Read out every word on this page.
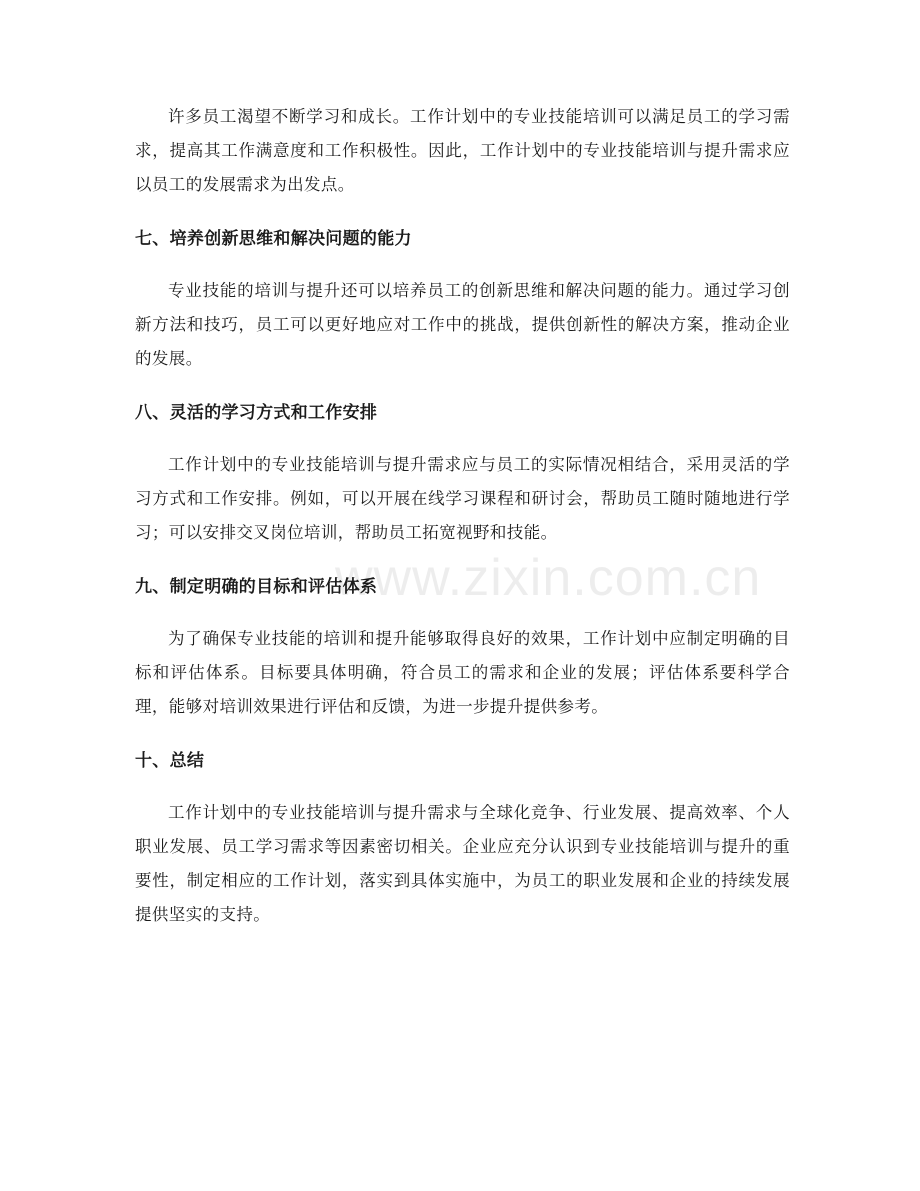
许多员工渴望不断学习和成长。工作计划中的专业技能培训可以满足员工的学习需求，提高其工作满意度和工作积极性。因此，工作计划中的专业技能培训与提升需求应以员工的发展需求为出发点。

七、培养创新思维和解决问题的能力

专业技能的培训与提升还可以培养员工的创新思维和解决问题的能力。通过学习创新方法和技巧，员工可以更好地应对工作中的挑战，提供创新性的解决方案，推动企业的发展。

八、灵活的学习方式和工作安排

工作计划中的专业技能培训与提升需求应与员工的实际情况相结合，采用灵活的学习方式和工作安排。例如，可以开展在线学习课程和研讨会，帮助员工随时随地进行学习；可以安排交叉岗位培训，帮助员工拓宽视野和技能。

九、制定明确的目标和评估体系

为了确保专业技能的培训和提升能够取得良好的效果，工作计划中应制定明确的目标和评估体系。目标要具体明确，符合员工的需求和企业的发展；评估体系要科学合理，能够对培训效果进行评估和反馈，为进一步提升提供参考。

十、总结

工作计划中的专业技能培训与提升需求与全球化竞争、行业发展、提高效率、个人职业发展、员工学习需求等因素密切相关。企业应充分认识到专业技能培训与提升的重要性，制定相应的工作计划，落实到具体实施中，为员工的职业发展和企业的持续发展提供坚实的支持。

www.zixin.com.cn
